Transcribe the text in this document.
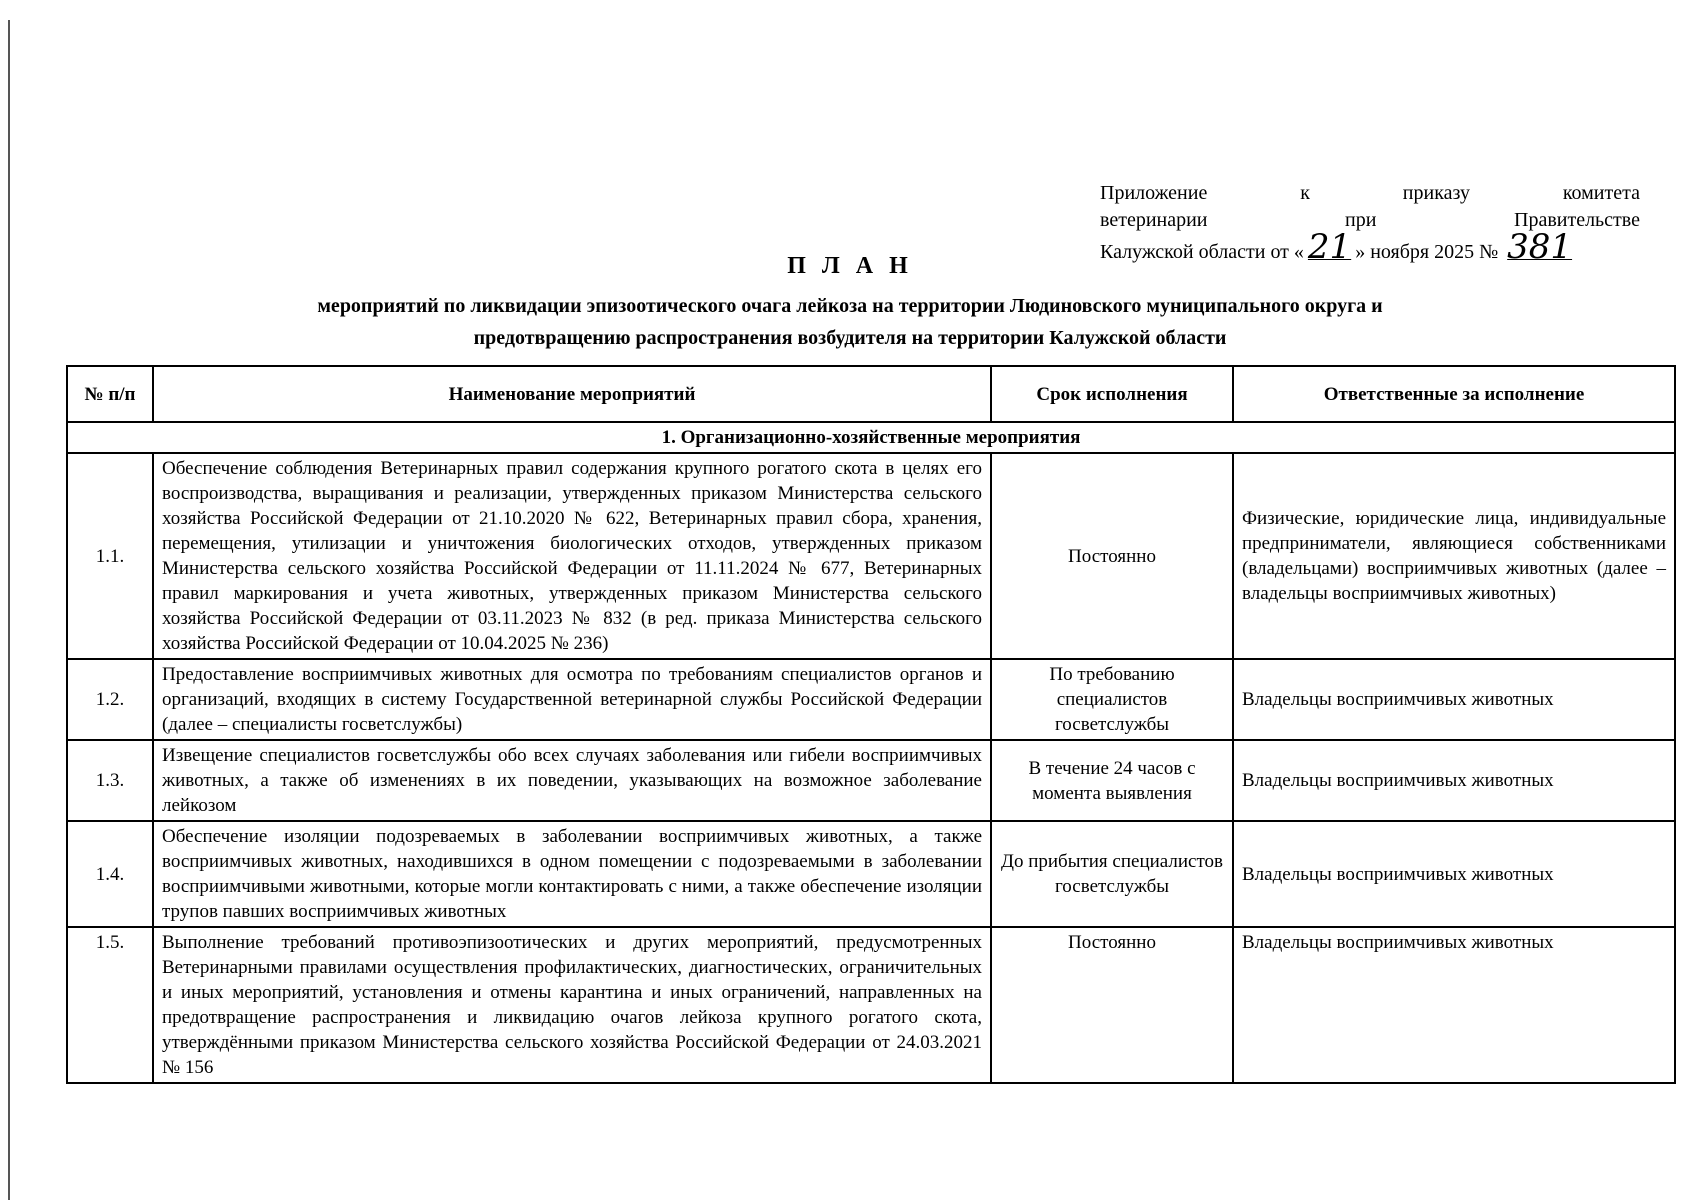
Приложение к приказу комитета
ветеринарии при Правительстве
Калужской области от « 21 » ноября 2025 № 381
П Л А Н
мероприятий по ликвидации эпизоотического очага лейкоза на территории Людиновского муниципального округа и
предотвращению распространения возбудителя на территории Калужской области
№ п/п	Наименование мероприятий	Срок исполнения	Ответственные за исполнение
1. Организационно-хозяйственные мероприятия			
1.1.	Обеспечение соблюдения Ветеринарных правил содержания крупного рогатого скота в целях его воспроизводства, выращивания и реализации, утвержденных приказом Министерства сельского хозяйства Российской Федерации от 21.10.2020 № 622, Ветеринарных правил сбора, хранения, перемещения, утилизации и уничтожения биологических отходов, утвержденных приказом Министерства сельского хозяйства Российской Федерации от 11.11.2024 № 677, Ветеринарных правил маркирования и учета животных, утвержденных приказом Министерства сельского хозяйства Российской Федерации от 03.11.2023 № 832 (в ред. приказа Министерства сельского хозяйства Российской Федерации от 10.04.2025 № 236)	Постоянно	Физические, юридические лица, индивидуальные предприниматели, являющиеся собственниками (владельцами) восприимчивых животных (далее – владельцы восприимчивых животных)
1.2.	Предоставление восприимчивых животных для осмотра по требованиям специалистов органов и организаций, входящих в систему Государственной ветеринарной службы Российской Федерации (далее – специалисты госветслужбы)	По требованию специалистов госветслужбы	Владельцы восприимчивых животных
1.3.	Извещение специалистов госветслужбы обо всех случаях заболевания или гибели восприимчивых животных, а также об изменениях в их поведении, указывающих на возможное заболевание лейкозом	В течение 24 часов с момента выявления	Владельцы восприимчивых животных
1.4.	Обеспечение изоляции подозреваемых в заболевании восприимчивых животных, а также восприимчивых животных, находившихся в одном помещении с подозреваемыми в заболевании восприимчивыми животными, которые могли контактировать с ними, а также обеспечение изоляции трупов павших восприимчивых животных	До прибытия специалистов госветслужбы	Владельцы восприимчивых животных
1.5.	Выполнение требований противоэпизоотических и других мероприятий, предусмотренных Ветеринарными правилами осуществления профилактических, диагностических, ограничительных и иных мероприятий, установления и отмены карантина и иных ограничений, направленных на предотвращение распространения и ликвидацию очагов лейкоза крупного рогатого скота, утверждёнными приказом Министерства сельского хозяйства Российской Федерации от 24.03.2021 № 156	Постоянно	Владельцы восприимчивых животных
